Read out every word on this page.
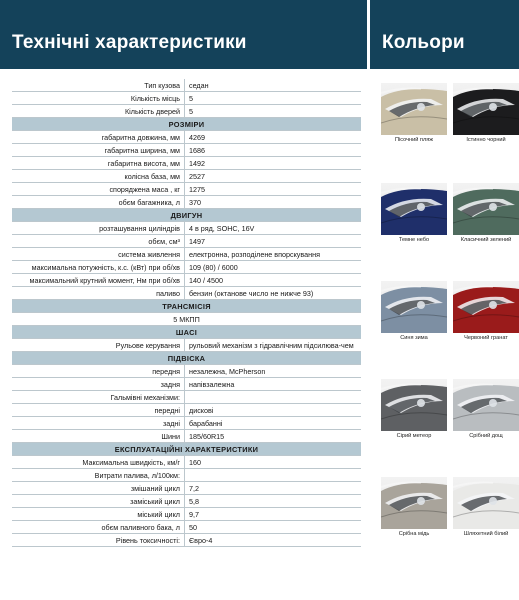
Технічні характеристики	Кольори
Тип кузова	седан
Кількість місць	5
Кількість дверей	5
РОЗМІРИ	
габаритна довжина, мм	4269
габаритна ширина, мм	1686
габаритна висота, мм	1492
колісна база, мм	2527
споряджена маса , кг	1275
обєм багажника, л	370
ДВИГУН	
розташування циліндрів	4 в ряд, SOHC, 16V
обєм, см³	1497
система живлення	електронна, розподілене впорскування
максимальна потужність, к.с. (кВт) при об/хв	109 (80) / 6000
максимальний крутний момент, Нм при об/хв	140 / 4500
паливо	бензин (октанове число не нижче 93)
ТРАНСМІСІЯ	
5 МКПП	
ШАСІ	
Рульове керування	рульовий механізм з гідравлічним підсилюва-чем
ПІДВІСКА	
передня	незалежна, McPherson
задня	напівзалежна
Гальмівні механізми:	
передні	дискові
задні	барабанні
Шини	185/60R15
ЕКСПЛУАТАЦІЙНІ ХАРАКТЕРИСТИКИ	
Максимальна швидкість, км/г	160
Витрати палива, л/100км:	
змішаний цикл	7,2
заміський цикл	5,8
міський цикл	9,7
обєм паливного бака, л	50
Рівень токсичності:	Євро-4
Пісочний пляж	Істинно чорний
Темне небо	Класичний зелений
Синя зима	Червоний гранат
Сірий метеор	Срібний дощ
Срібна мідь	Шляхетний білий
